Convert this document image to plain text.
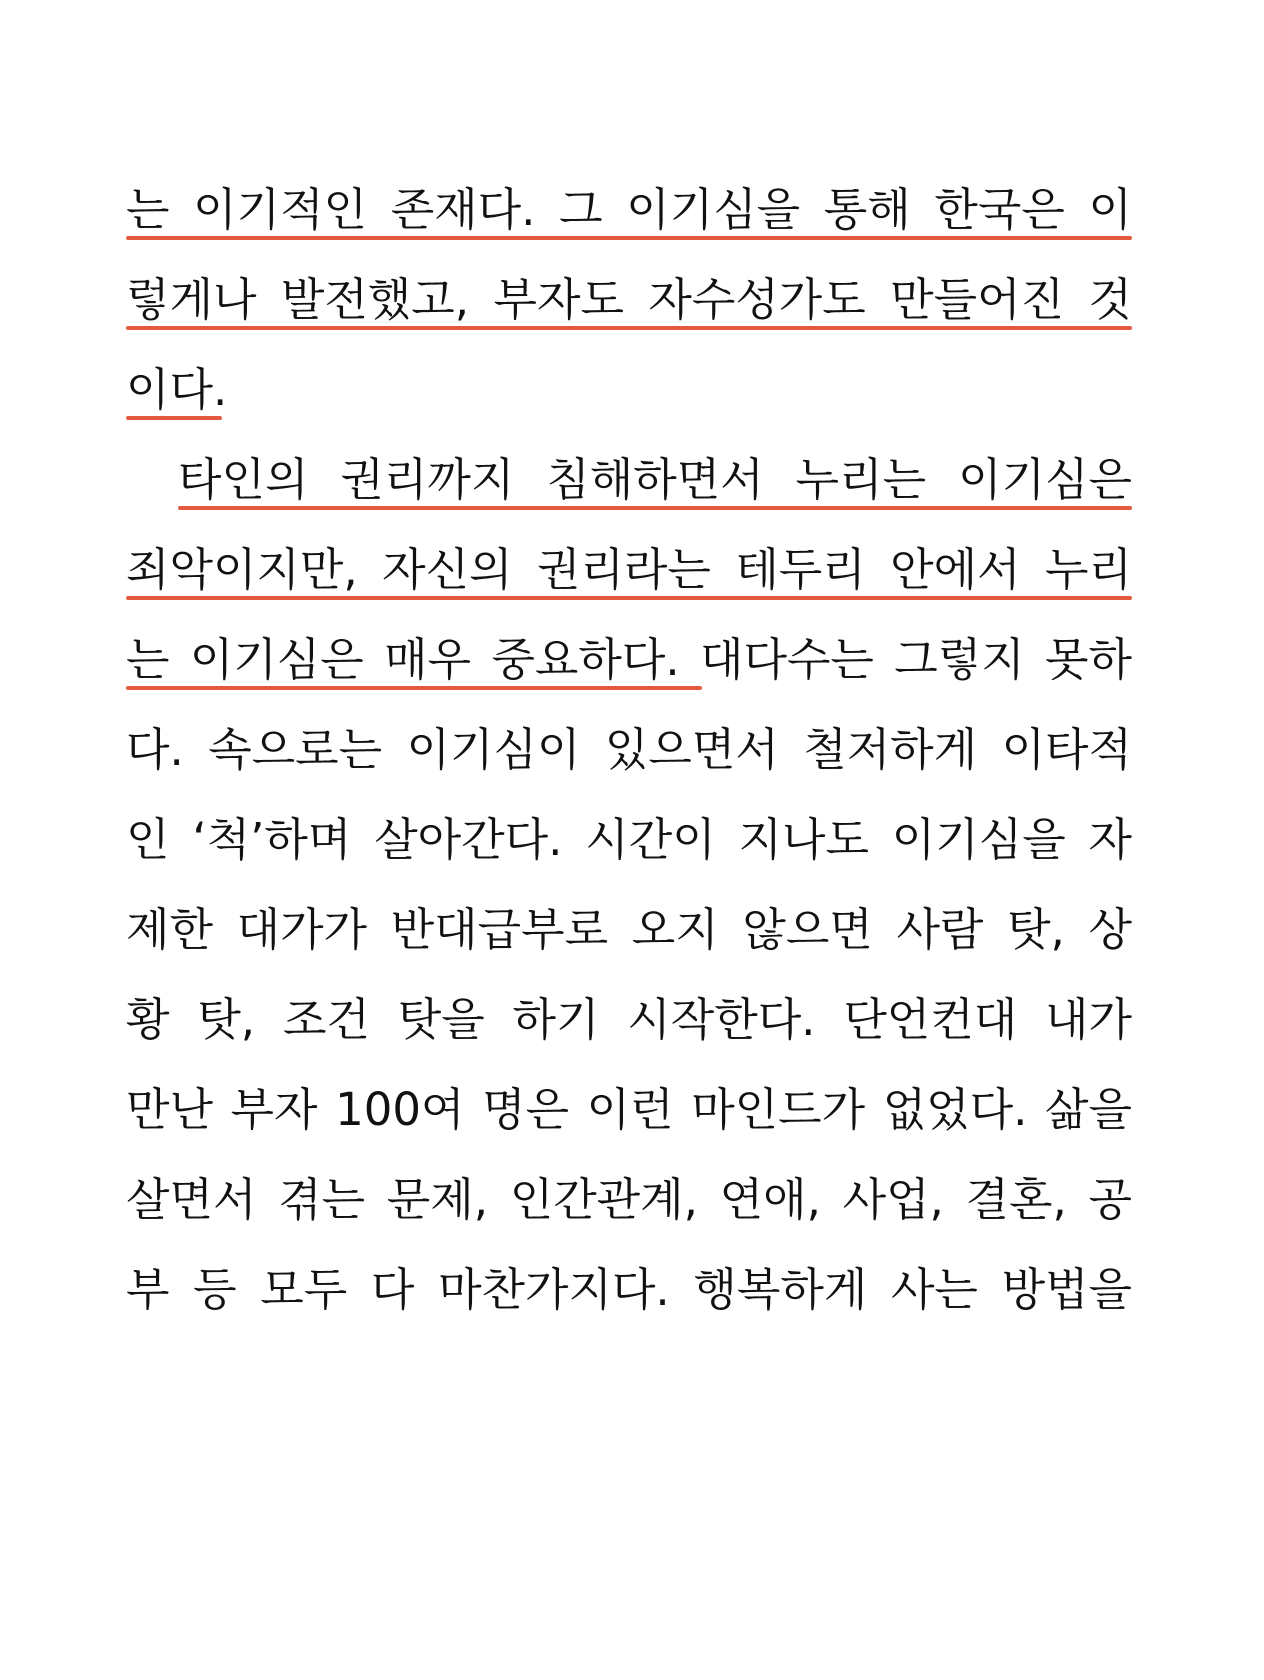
는 이기적인 존재다. 그 이기심을 통해 한국은 이
렇게나 발전했고, 부자도 자수성가도 만들어진 것
이다.
타인의 권리까지 침해하면서 누리는 이기심은
죄악이지만, 자신의 권리라는 테두리 안에서 누리
는 이기심은 매우 중요하다. 대다수는 그렇지 못하
다. 속으로는 이기심이 있으면서 철저하게 이타적
인 ‘척’하며 살아간다. 시간이 지나도 이기심을 자
제한 대가가 반대급부로 오지 않으면 사람 탓, 상
황 탓, 조건 탓을 하기 시작한다. 단언컨대 내가
만난 부자 100여 명은 이런 마인드가 없었다. 삶을
살면서 겪는 문제, 인간관계, 연애, 사업, 결혼, 공
부 등 모두 다 마찬가지다. 행복하게 사는 방법을
